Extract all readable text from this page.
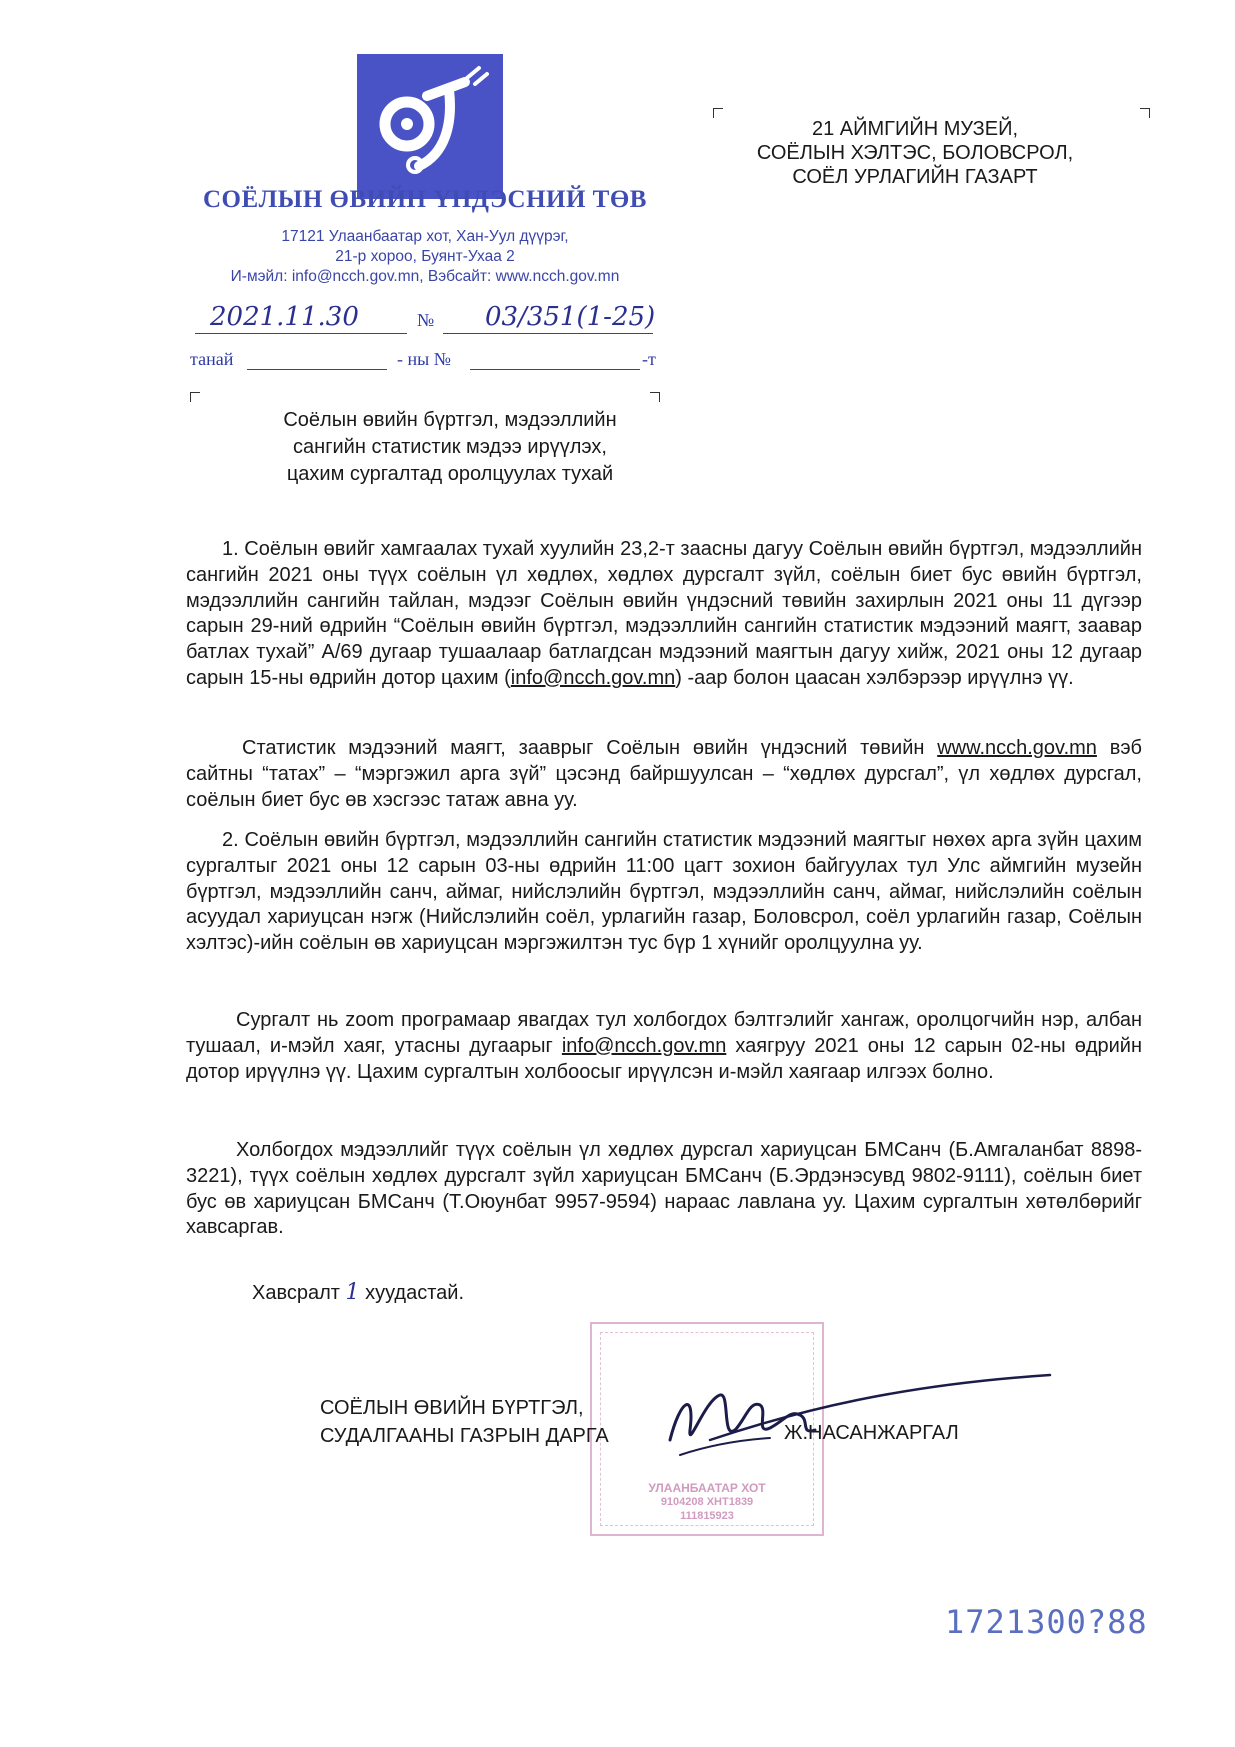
СОЁЛЫН ӨВИЙН ҮНДЭСНИЙ ТӨВ
17121 Улаанбаатар хот, Хан-Уул дүүрэг,
21-р хороо, Буянт-Ухаа 2
И-мэйл: info@ncch.gov.mn, Вэбсайт: www.ncch.gov.mn
21 АЙМГИЙН МУЗЕЙ,
СОЁЛЫН ХЭЛТЭС, БОЛОВСРОЛ,
СОЁЛ УРЛАГИЙН ГАЗАРТ
2021.11.30	№ 03/351(1-25)
танай	- ны №	-т
Соёлын өвийн бүртгэл, мэдээллийн
сангийн статистик мэдээ ирүүлэх,
цахим сургалтад оролцуулах тухай

1. Соёлын өвийг хамгаалах тухай хуулийн 23,2-т заасны дагуу Соёлын өвийн бүртгэл, мэдээллийн сангийн 2021 оны түүх соёлын үл хөдлөх, хөдлөх дурсгалт зүйл, соёлын биет бус өвийн бүртгэл, мэдээллийн сангийн тайлан, мэдээг Соёлын өвийн үндэсний төвийн захирлын 2021 оны 11 дүгээр сарын 29-ний өдрийн “Соёлын өвийн бүртгэл, мэдээллийн сангийн статистик мэдээний маягт, заавар батлах тухай” А/69 дугаар тушаалаар батлагдсан мэдээний маягтын дагуу хийж, 2021 оны 12 дугаар сарын 15-ны өдрийн дотор цахим (info@ncch.gov.mn) -аар болон цаасан хэлбэрээр ирүүлнэ үү.

Статистик мэдээний маягт, зааврыг Соёлын өвийн үндэсний төвийн www.ncch.gov.mn вэб сайтны “татах” – “мэргэжил арга зүй” цэсэнд байршуулсан – “хөдлөх дурсгал”, үл хөдлөх дурсгал, соёлын биет бус өв хэсгээс татаж авна уу.

2. Соёлын өвийн бүртгэл, мэдээллийн сангийн статистик мэдээний маягтыг нөхөх арга зүйн цахим сургалтыг 2021 оны 12 сарын 03-ны өдрийн 11:00 цагт зохион байгуулах тул Улс аймгийн музейн бүртгэл, мэдээллийн санч, аймаг, нийслэлийн бүртгэл, мэдээллийн санч, аймаг, нийслэлийн соёлын асуудал хариуцсан нэгж (Нийслэлийн соёл, урлагийн газар, Боловсрол, соёл урлагийн газар, Соёлын хэлтэс)-ийн соёлын өв хариуцсан мэргэжилтэн тус бүр 1 хүнийг оролцуулна уу.

Сургалт нь zoom програмаар явагдах тул холбогдох бэлтгэлийг хангаж, оролцогчийн нэр, албан тушаал, и-мэйл хаяг, утасны дугаарыг info@ncch.gov.mn хаягруу 2021 оны 12 сарын 02-ны өдрийн дотор ирүүлнэ үү. Цахим сургалтын холбоосыг ирүүлсэн и-мэйл хаягаар илгээх болно.

Холбогдох мэдээллийг түүх соёлын үл хөдлөх дурсгал хариуцсан БМСанч (Б.Амгаланбат 8898-3221), түүх соёлын хөдлөх дурсгалт зүйл хариуцсан БМСанч (Б.Эрдэнэсувд 9802-9111), соёлын биет бус өв хариуцсан БМСанч (Т.Оюунбат 9957-9594) нараас лавлана уу. Цахим сургалтын хөтөлбөрийг хавсаргав.

Хавсралт 1 хуудастай.
УЛААНБААТАР ХОТ
9104208 ХНТ1839
111815923
СОЁЛЫН ӨВИЙН БҮРТГЭЛ,
СУДАЛГААНЫ ГАЗРЫН ДАРГА	Ж.НАСАНЖАРГАЛ
1721300?88
